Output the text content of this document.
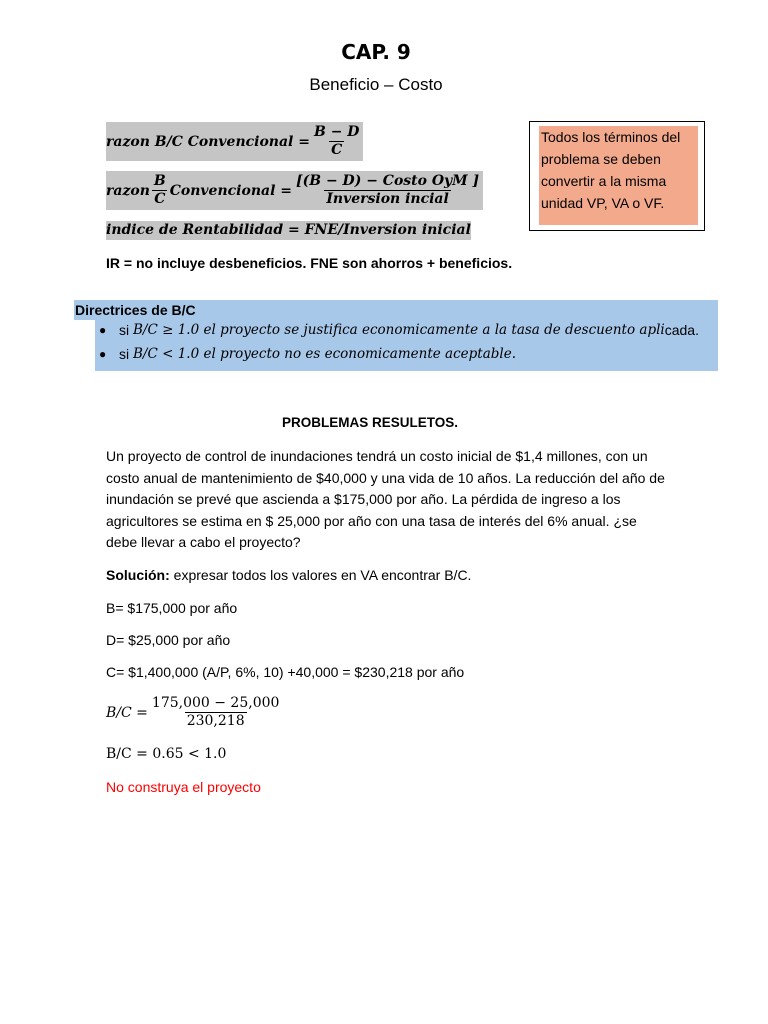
CAP. 9
Beneficio – Costo
razon B/C Convencional = $\frac{B - D}{C}$
razon $\frac{B}{C}$ Convencional = $\frac{\text{[(B − D) − Costo OyM ]}}{\text{Inversion incial}}$
indice de Rentabilidad = FNE/Inversion inicial
IR = no incluye desbeneficios. FNE son ahorros + beneficios.
Todos los términos del problema se deben convertir a la misma unidad VP, VA o VF.
Directrices de B/C
● si
B/C ≥ 1.0 el proyecto se justifica economicamente a la tasa de descuento apli cada.
● si
B/C < 1.0 el proyecto no es economicamente aceptable.
PROBLEMAS RESULETOS.
Un proyecto de control de inundaciones tendrá un costo inicial de $1,4 millones, con un costo anual de mantenimiento de $40,000 y una vida de 10 años. La reducción del año de inundación se prevé que ascienda a $175,000 por año. La pérdida de ingreso a los agricultores se estima en $ 25,000 por año con una tasa de interés del 6% anual. ¿se debe llevar a cabo el proyecto?
Solución: expresar todos los valores en VA encontrar B/C.
B= $175,000 por año
D= $25,000 por año
C= $1,400,000 (A/P, 6%, 10) +40,000 = $230,218 por año
$B/C = \frac{175,000 - 25,000}{230,218}$
B/C = 0.65 < 1.0
No construya el proyecto
